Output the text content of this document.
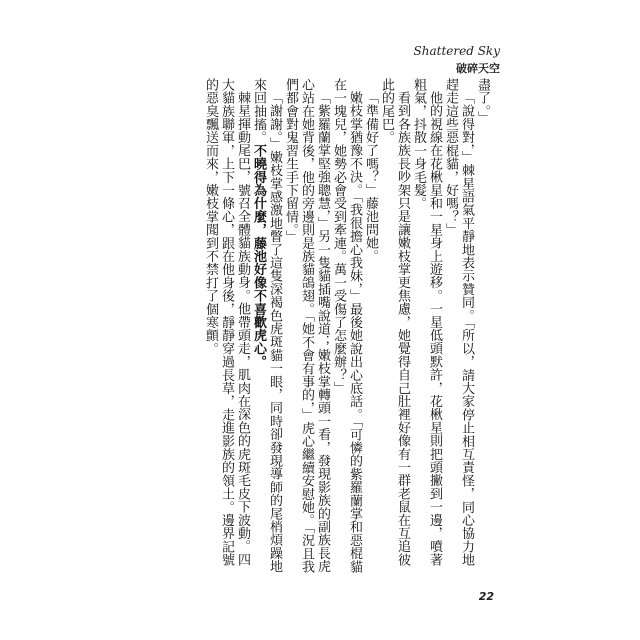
Shattered Sky
破碎天空

盡了。」

「說得對，」棘星語氣平靜地表示贊同。「所以，請大家停止相互責怪，同心協力地趕走這些惡棍貓，好嗎？」

他的視線在花楸星和一星身上遊移。一星低頭默許，花楸星則把頭撇到一邊，噴著粗氣，抖散一身毛髮。

看到各族族長吵架只是讓嫩枝掌更焦慮，她覺得自己肚裡好像有一群老鼠在互追彼此的尾巴。

「準備好了嗎？」藤池問她。

嫩枝掌猶豫不決。「我很擔心我妹，」最後她說出心底話。「可憐的紫羅蘭掌和惡棍貓在一塊兒，她勢必會受到牽連。萬一受傷了怎麼辦？」

「紫羅蘭掌堅強聰慧，」另一隻貓插嘴說道；嫩枝掌轉頭一看，發現影族的副族長虎心站在她背後，他的旁邊則是族貓鴿翅。「她不會有事的，」虎心繼續安慰她。「況且我們都會對鬼習生手下留情。」

「謝謝。」嫩枝掌感激地瞥了這隻深褐色虎斑貓一眼，同時卻發現導師的尾梢煩躁地來回抽搐。不曉得為什麼，藤池好像不喜歡虎心。

棘星揮動尾巴，號召全體貓族動身。他帶頭走，肌肉在深色的虎斑毛皮下波動。四大貓族聯軍，上下一條心，跟在他身後，靜靜穿過長草，走進影族的領土。邊界記號的惡臭飄送而來，嫩枝掌聞到不禁打了個寒顫。

22
